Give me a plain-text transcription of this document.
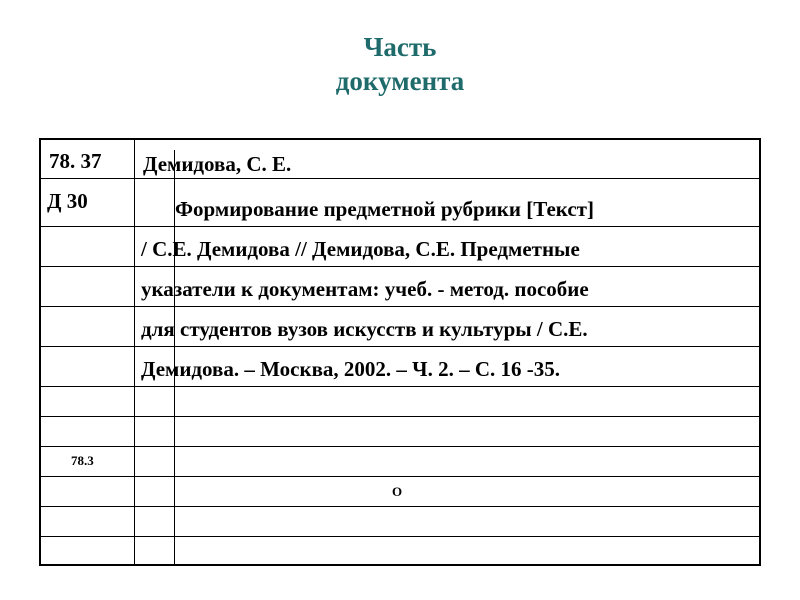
Часть
документа
78. 37
Д 30
Демидова, С. Е.
Формирование предметной рубрики [Текст]
/ С.Е. Демидова // Демидова, С.Е. Предметные
указатели к документам: учеб. - метод. пособие
для студентов вузов искусств и культуры / С.Е.
Демидова. – Москва, 2002. – Ч. 2. – С. 16 -35.
78.3
О
